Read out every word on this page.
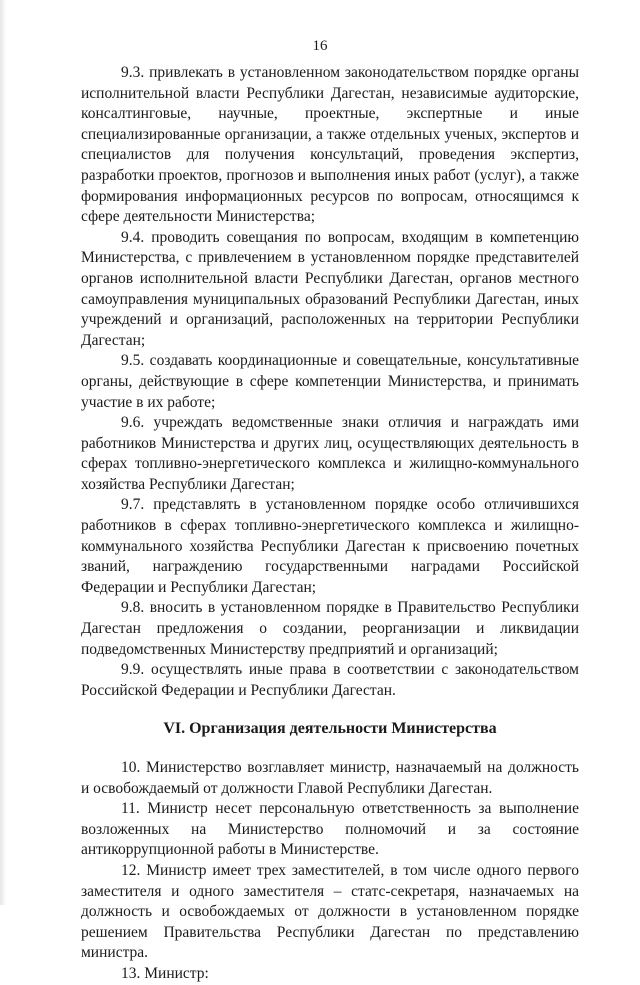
16

9.3. привлекать в установленном законодательством порядке органы исполнительной власти Республики Дагестан, независимые аудиторские, консалтинговые, научные, проектные, экспертные и иные специализированные организации, а также отдельных ученых, экспертов и специалистов для получения консультаций, проведения экспертиз, разработки проектов, прогнозов и выполнения иных работ (услуг), а также формирования информационных ресурсов по вопросам, относящимся к сфере деятельности Министерства;

9.4. проводить совещания по вопросам, входящим в компетенцию Министерства, с привлечением в установленном порядке представителей органов исполнительной власти Республики Дагестан, органов местного самоуправления муниципальных образований Республики Дагестан, иных учреждений и организаций, расположенных на территории Республики Дагестан;

9.5. создавать координационные и совещательные, консультативные органы, действующие в сфере компетенции Министерства, и принимать участие в их работе;

9.6. учреждать ведомственные знаки отличия и награждать ими работников Министерства и других лиц, осуществляющих деятельность в сферах топливно-энергетического комплекса и жилищно-коммунального хозяйства Республики Дагестан;

9.7. представлять в установленном порядке особо отличившихся работников в сферах топливно-энергетического комплекса и жилищно-коммунального хозяйства Республики Дагестан к присвоению почетных званий, награждению государственными наградами Российской Федерации и Республики Дагестан;

9.8. вносить в установленном порядке в Правительство Республики Дагестан предложения о создании, реорганизации и ликвидации подведомственных Министерству предприятий и организаций;

9.9. осуществлять иные права в соответствии с законодательством Российской Федерации и Республики Дагестан.

VI. Организация деятельности Министерства

10. Министерство возглавляет министр, назначаемый на должность и освобождаемый от должности Главой Республики Дагестан.

11. Министр несет персональную ответственность за выполнение возложенных на Министерство полномочий и за состояние антикоррупционной работы в Министерстве.

12. Министр имеет трех заместителей, в том числе одного первого заместителя и одного заместителя – статс-секретаря, назначаемых на должность и освобождаемых от должности в установленном порядке решением Правительства Республики Дагестан по представлению министра.

13. Министр:
